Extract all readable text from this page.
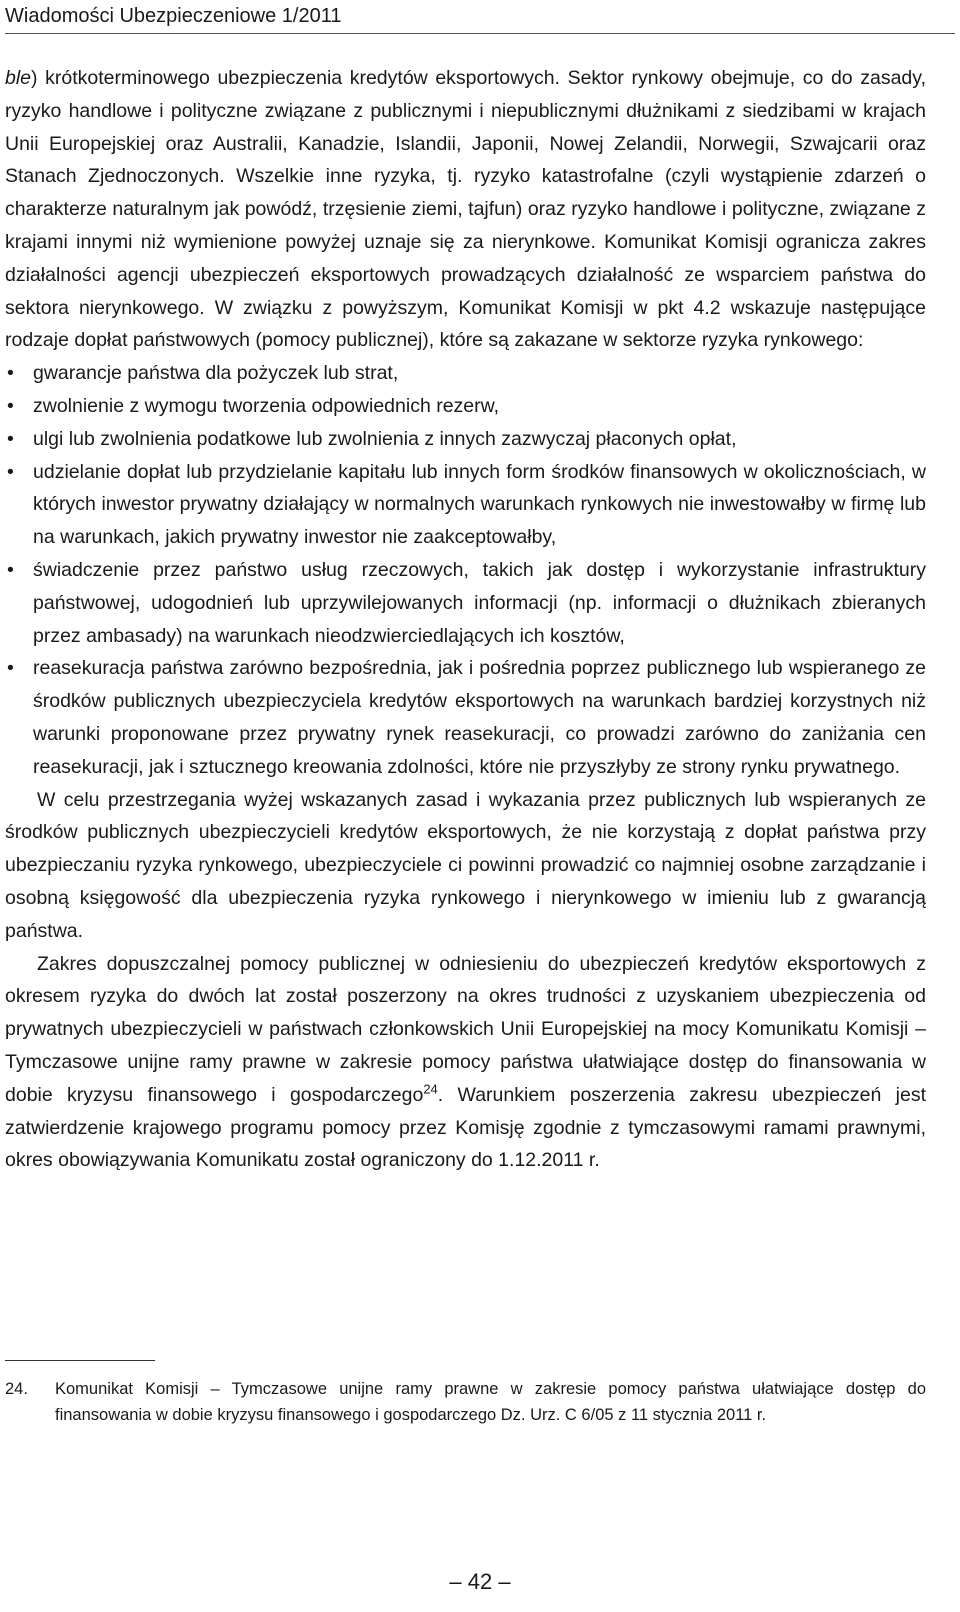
Wiadomości Ubezpieczeniowe 1/2011

ble) krótkoterminowego ubezpieczenia kredytów eksportowych. Sektor rynkowy obejmuje, co do zasady, ryzyko handlowe i polityczne związane z publicznymi i niepublicznymi dłużnikami z siedzibami w krajach Unii Europejskiej oraz Australii, Kanadzie, Islandii, Japonii, Nowej Zelandii, Norwegii, Szwajcarii oraz Stanach Zjednoczonych. Wszelkie inne ryzyka, tj. ryzyko katastrofalne (czyli wystąpienie zdarzeń o charakterze naturalnym jak powódź, trzęsienie ziemi, tajfun) oraz ryzyko handlowe i polityczne, związane z krajami innymi niż wymienione powyżej uznaje się za nierynkowe. Komunikat Komisji ogranicza zakres działalności agencji ubezpieczeń eksportowych prowadzących działalność ze wsparciem państwa do sektora nierynkowego. W związku z powyższym, Komunikat Komisji w pkt 4.2 wskazuje następujące rodzaje dopłat państwowych (pomocy publicznej), które są zakazane w sektorze ryzyka rynkowego:

• gwarancje państwa dla pożyczek lub strat,
• zwolnienie z wymogu tworzenia odpowiednich rezerw,
• ulgi lub zwolnienia podatkowe lub zwolnienia z innych zazwyczaj płaconych opłat,
• udzielanie dopłat lub przydzielanie kapitału lub innych form środków finansowych w okolicznościach, w których inwestor prywatny działający w normalnych warunkach rynkowych nie inwestowałby w firmę lub na warunkach, jakich prywatny inwestor nie zaakceptowałby,
• świadczenie przez państwo usług rzeczowych, takich jak dostęp i wykorzystanie infrastruktury państwowej, udogodnień lub uprzywilejowanych informacji (np. informacji o dłużnikach zbieranych przez ambasady) na warunkach nieodzwierciedlających ich kosztów,
• reasekuracja państwa zarówno bezpośrednia, jak i pośrednia poprzez publicznego lub wspieranego ze środków publicznych ubezpieczyciela kredytów eksportowych na warunkach bardziej korzystnych niż warunki proponowane przez prywatny rynek reasekuracji, co prowadzi zarówno do zaniżania cen reasekuracji, jak i sztucznego kreowania zdolności, które nie przyszłyby ze strony rynku prywatnego.

W celu przestrzegania wyżej wskazanych zasad i wykazania przez publicznych lub wspieranych ze środków publicznych ubezpieczycieli kredytów eksportowych, że nie korzystają z dopłat państwa przy ubezpieczaniu ryzyka rynkowego, ubezpieczyciele ci powinni prowadzić co najmniej osobne zarządzanie i osobną księgowość dla ubezpieczenia ryzyka rynkowego i nierynkowego w imieniu lub z gwarancją państwa.

Zakres dopuszczalnej pomocy publicznej w odniesieniu do ubezpieczeń kredytów eksportowych z okresem ryzyka do dwóch lat został poszerzony na okres trudności z uzyskaniem ubezpieczenia od prywatnych ubezpieczycieli w państwach członkowskich Unii Europejskiej na mocy Komunikatu Komisji – Tymczasowe unijne ramy prawne w zakresie pomocy państwa ułatwiające dostęp do finansowania w dobie kryzysu finansowego i gospodarczego$^{24}$. Warunkiem poszerzenia zakresu ubezpieczeń jest zatwierdzenie krajowego programu pomocy przez Komisję zgodnie z tymczasowymi ramami prawnymi, okres obowiązywania Komunikatu został ograniczony do 1.12.2011 r.

24.	Komunikat Komisji – Tymczasowe unijne ramy prawne w zakresie pomocy państwa ułatwiające dostęp do finansowania w dobie kryzysu finansowego i gospodarczego Dz. Urz. C 6/05 z 11 stycznia 2011 r.
– 42 –
